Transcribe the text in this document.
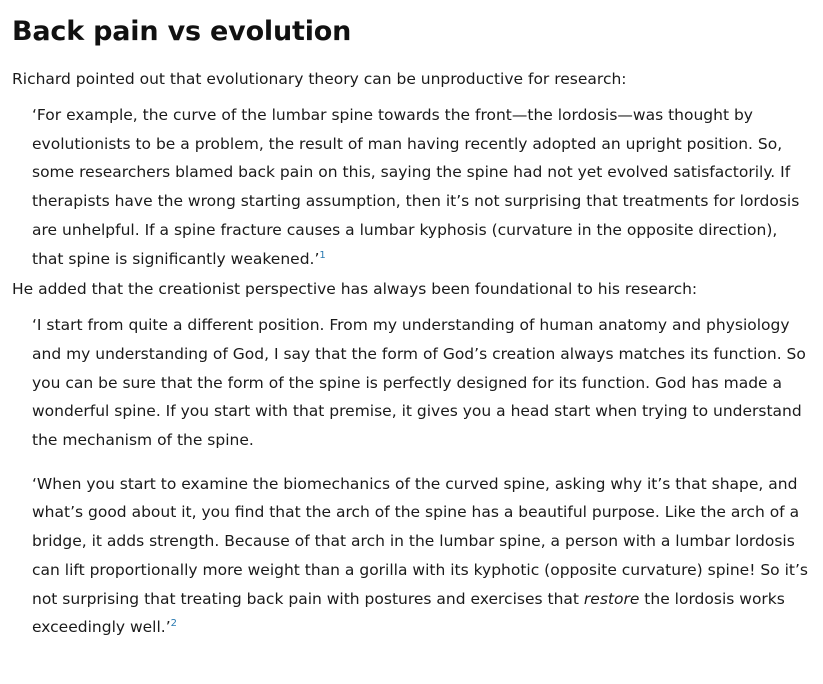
Back pain vs evolution

Richard pointed out that evolutionary theory can be unproductive for research:

‘For example, the curve of the lumbar spine towards the front—the lordosis—was thought by evolutionists to be a problem, the result of man having recently adopted an upright position. So, some researchers blamed back pain on this, saying the spine had not yet evolved satisfactorily. If therapists have the wrong starting assumption, then it’s not surprising that treatments for lordosis are unhelpful. If a spine fracture causes a lumbar kyphosis (curvature in the opposite direction), that spine is significantly weakened.’$^1$

He added that the creationist perspective has always been foundational to his research:

‘I start from quite a different position. From my understanding of human anatomy and physiology and my understanding of God, I say that the form of God’s creation always matches its function. So you can be sure that the form of the spine is perfectly designed for its function. God has made a wonderful spine. If you start with that premise, it gives you a head start when trying to understand the mechanism of the spine.

‘When you start to examine the biomechanics of the curved spine, asking why it’s that shape, and what’s good about it, you find that the arch of the spine has a beautiful purpose. Like the arch of a bridge, it adds strength. Because of that arch in the lumbar spine, a person with a lumbar lordosis can lift proportionally more weight than a gorilla with its kyphotic (opposite curvature) spine! So it’s not surprising that treating back pain with postures and exercises that restore the lordosis works exceedingly well.’$^2$
